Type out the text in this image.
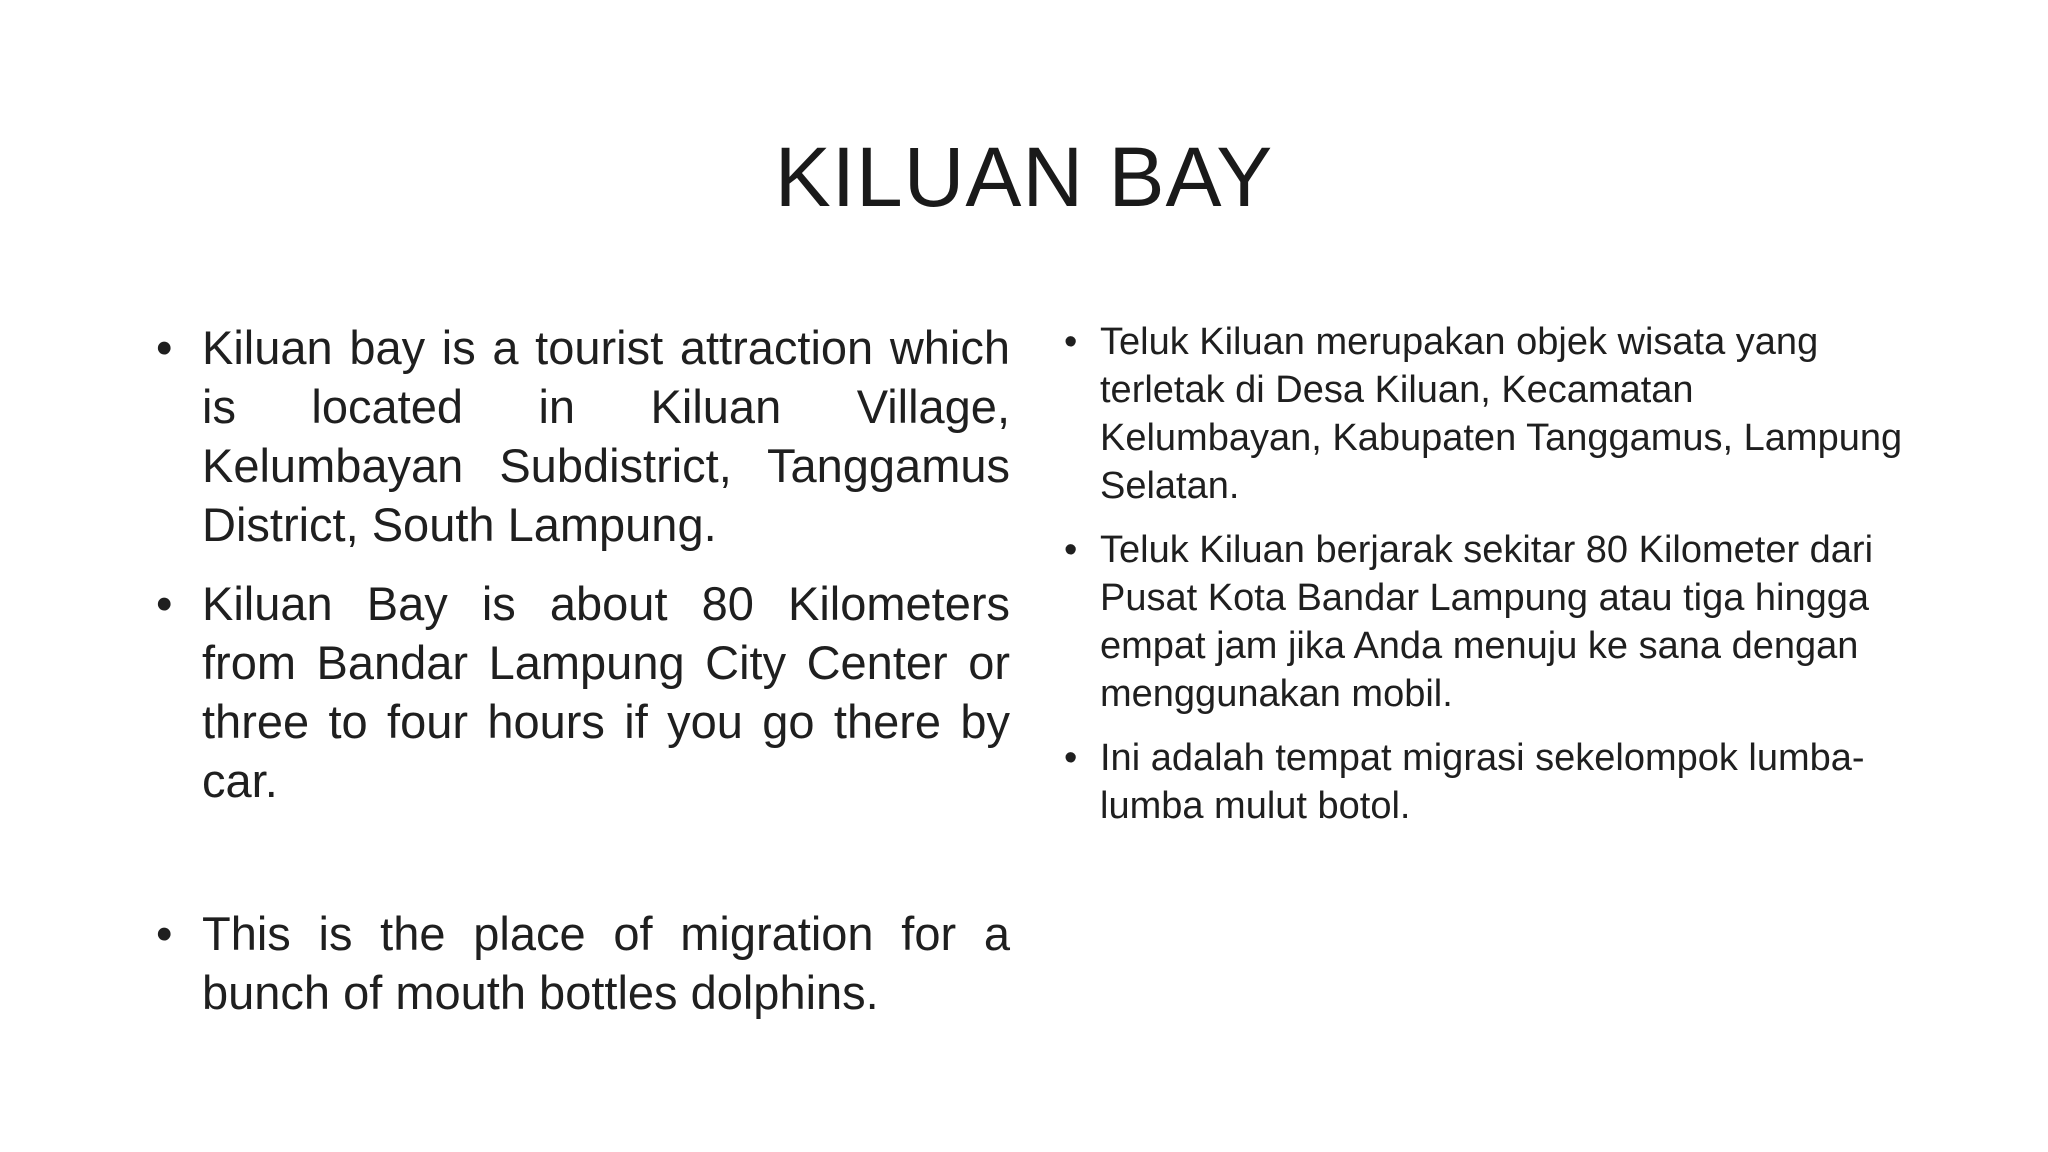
KILUAN BAY
• Kiluan bay is a tourist attraction which is located in Kiluan Village, Kelumbayan Subdistrict, Tanggamus District, South Lampung.
• Kiluan Bay is about 80 Kilometers from Bandar Lampung City Center or three to four hours if you go there by car.
• This is the place of migration for a bunch of mouth bottles dolphins.
• Teluk Kiluan merupakan objek wisata yang terletak di Desa Kiluan, Kecamatan Kelumbayan, Kabupaten Tanggamus, Lampung Selatan.
• Teluk Kiluan berjarak sekitar 80 Kilometer dari Pusat Kota Bandar Lampung atau tiga hingga empat jam jika Anda menuju ke sana dengan menggunakan mobil.
• Ini adalah tempat migrasi sekelompok lumba-lumba mulut botol.
